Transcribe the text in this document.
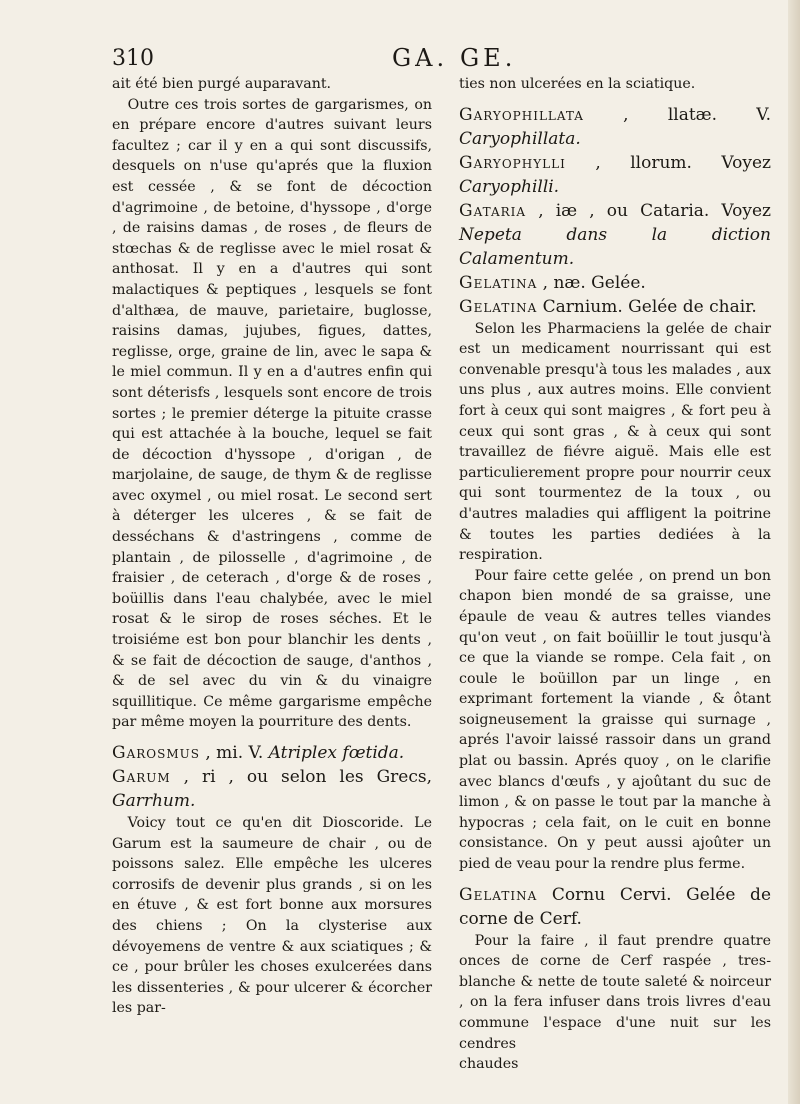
310	GA. GE.

ait été bien purgé auparavant.

Outre ces trois sortes de gargarismes, on en prépare encore d'autres suivant leurs facultez ; car il y en a qui sont discussifs, desquels on n'use qu'aprés que la fluxion est cessée , & se font de décoction d'agrimoine , de betoine, d'hyssope , d'orge , de raisins damas , de roses , de fleurs de stœchas & de reglisse avec le miel rosat & anthosat. Il y en a d'autres qui sont malactiques & peptiques , lesquels se font d'althæa, de mauve, parietaire, buglosse, raisins damas, jujubes, figues, dattes, reglisse, orge, graine de lin, avec le sapa & le miel commun. Il y en a d'autres enfin qui sont déterisfs , lesquels sont encore de trois sortes ; le premier déterge la pituite crasse qui est attachée à la bouche, lequel se fait de décoction d'hyssope , d'origan , de marjolaine, de sauge, de thym & de reglisse avec oxymel , ou miel rosat. Le second sert à déterger les ulceres , & se fait de desséchans & d'astringens , comme de plantain , de pilosselle , d'agrimoine , de fraisier , de ceterach , d'orge & de roses , boüillis dans l'eau chalybée, avec le miel rosat & le sirop de roses séches. Et le troisiéme est bon pour blanchir les dents , & se fait de décoction de sauge, d'anthos , & de sel avec du vin & du vinaigre squillitique. Ce même gargarisme empêche par même moyen la pourriture des dents.

Garosmus , mi. V. Atriplex fœtida.

Garum , ri , ou selon les Grecs, Garrhum.

Voicy tout ce qu'en dit Dioscoride. Le Garum est la saumeure de chair , ou de poissons salez. Elle empêche les ulceres corrosifs de devenir plus grands , si on les en étuve , & est fort bonne aux morsures des chiens ; On la clysterise aux dévoyemens de ventre & aux sciatiques ; & ce , pour brûler les choses exulcerées dans les dissenteries , & pour ulcerer & écorcher les par-

ties non ulcerées en la sciatique.

Garyophillata , llatæ. V. Caryophillata.

Garyophylli , llorum. Voyez Caryophilli.

Gataria , iæ , ou Cataria. Voyez Nepeta dans la diction Calamentum.

Gelatina , næ. Gelée.

Gelatina Carnium. Gelée de chair.

Selon les Pharmaciens la gelée de chair est un medicament nourrissant qui est convenable presqu'à tous les malades , aux uns plus , aux autres moins. Elle convient fort à ceux qui sont maigres , & fort peu à ceux qui sont gras , & à ceux qui sont travaillez de fiévre aiguë. Mais elle est particulierement propre pour nourrir ceux qui sont tourmentez de la toux , ou d'autres maladies qui affligent la poitrine & toutes les parties dediées à la respiration.

Pour faire cette gelée , on prend un bon chapon bien mondé de sa graisse, une épaule de veau & autres telles viandes qu'on veut , on fait boüillir le tout jusqu'à ce que la viande se rompe. Cela fait , on coule le boüillon par un linge , en exprimant fortement la viande , & ôtant soigneusement la graisse qui surnage , aprés l'avoir laissé rassoir dans un grand plat ou bassin. Aprés quoy , on le clarifie avec blancs d'œufs , y ajoûtant du suc de limon , & on passe le tout par la manche à hypocras ; cela fait, on le cuit en bonne consistance. On y peut aussi ajoûter un pied de veau pour la rendre plus ferme.

Gelatina Cornu Cervi. Gelée de corne de Cerf.

Pour la faire , il faut prendre quatre onces de corne de Cerf raspée , tres-blanche & nette de toute saleté & noirceur , on la fera infuser dans trois livres d'eau commune l'espace d'une nuit sur les cendres

chaudes
